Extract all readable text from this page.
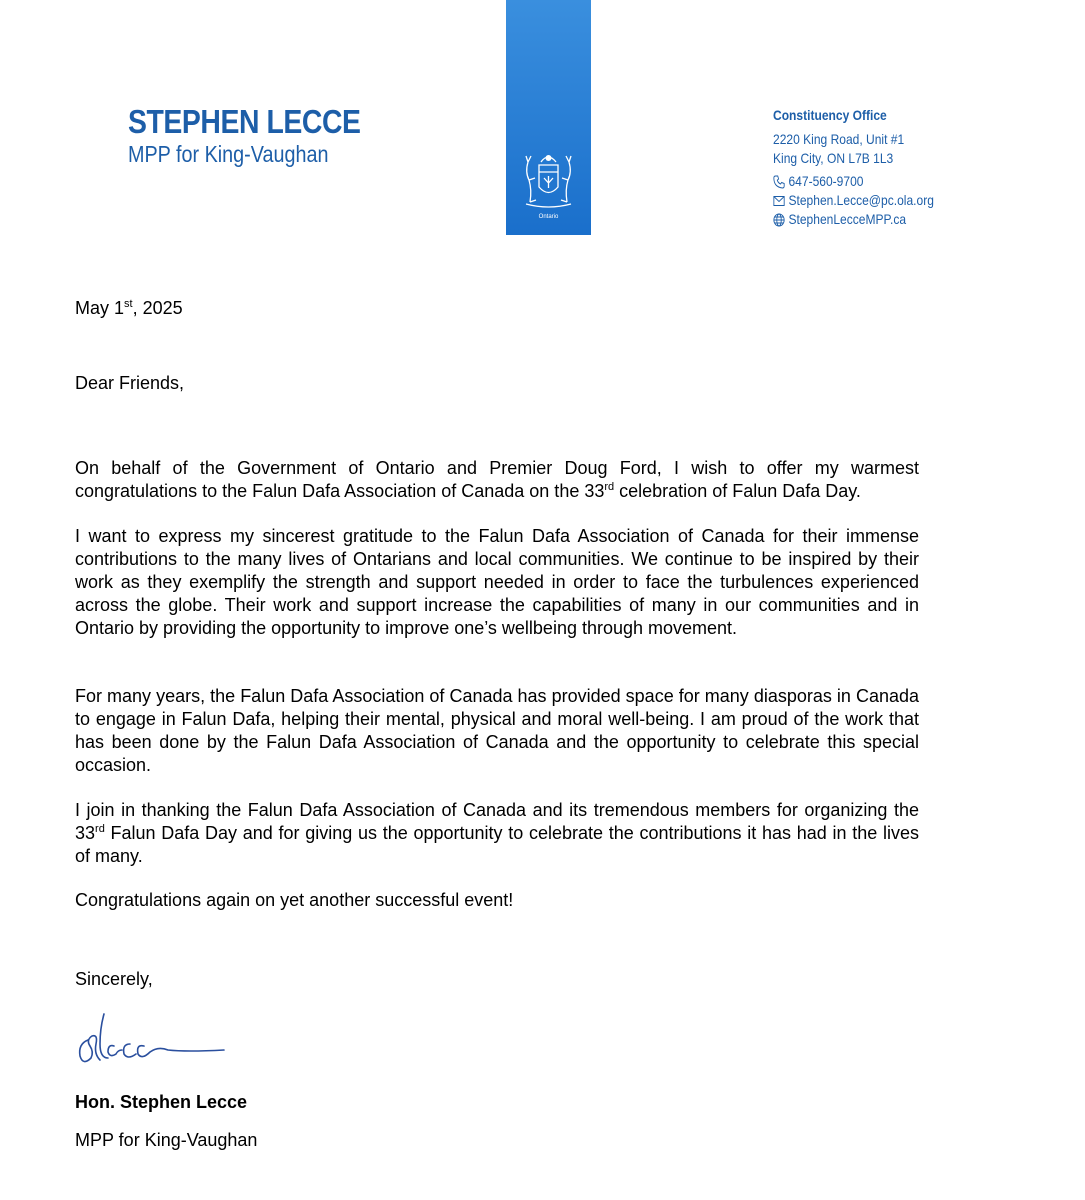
STEPHEN LECCE
MPP for King-Vaughan
Ontario
Constituency Office
2220 King Road, Unit #1
King City, ON L7B 1L3
647-560-9700
Stephen.Lecce@pc.ola.org
StephenLecceMPP.ca
May 1st, 2025
Dear Friends,
On behalf of the Government of Ontario and Premier Doug Ford, I wish to offer my warmest congratulations to the Falun Dafa Association of Canada on the 33rd celebration of Falun Dafa Day.
I want to express my sincerest gratitude to the Falun Dafa Association of Canada for their immense contributions to the many lives of Ontarians and local communities. We continue to be inspired by their work as they exemplify the strength and support needed in order to face the turbulences experienced across the globe. Their work and support increase the capabilities of many in our communities and in Ontario by providing the opportunity to improve one’s wellbeing through movement.
For many years, the Falun Dafa Association of Canada has provided space for many diasporas in Canada to engage in Falun Dafa, helping their mental, physical and moral well-being. I am proud of the work that has been done by the Falun Dafa Association of Canada and the opportunity to celebrate this special occasion.
I join in thanking the Falun Dafa Association of Canada and its tremendous members for organizing the 33rd Falun Dafa Day and for giving us the opportunity to celebrate the contributions it has had in the lives of many.
Congratulations again on yet another successful event!
Sincerely,
Hon. Stephen Lecce
MPP for King-Vaughan
